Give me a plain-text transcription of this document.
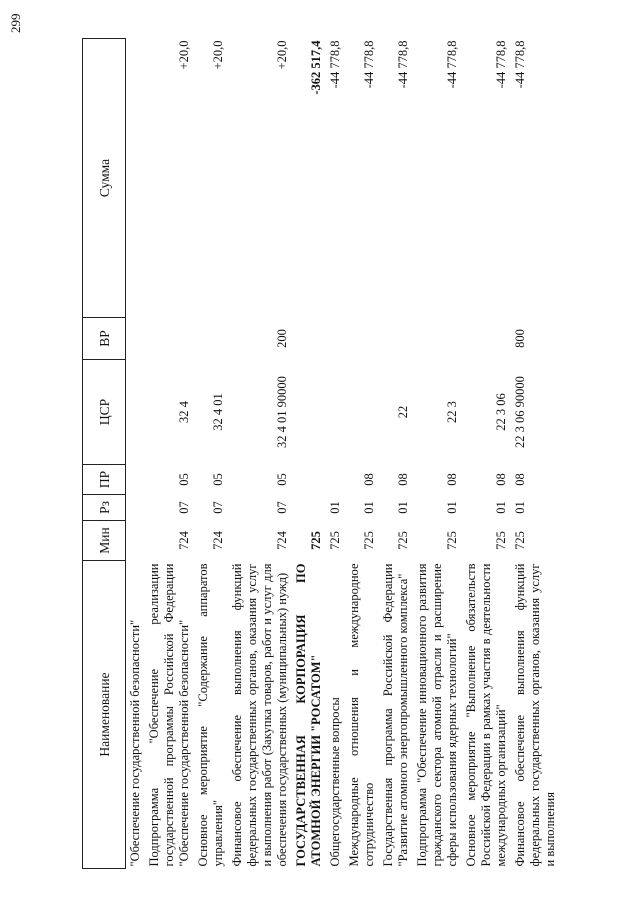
299
Наименование	Мин	Рз	ПР	ЦСР	ВР	Сумма
"Обеспечение государственной безопасности"						
Подпрограмма "Обеспечение реализации государственной программы Российской Федерации "Обеспечение государственной безопасности"	724	07	05	32 4		+20,0
Основное мероприятие "Содержание аппаратов управления"	724	07	05	32 4 01		+20,0
Финансовое обеспечение выполнения функций федеральных государственных органов, оказания услуг и выполнения работ (Закупка товаров, работ и услуг для обеспечения государственных (муниципальных) нужд)	724	07	05	32 4 01 90000	200	+20,0
ГОСУДАРСТВЕННАЯ КОРПОРАЦИЯ ПО АТОМНОЙ ЭНЕРГИИ "РОСАТОМ"	725					-362 517,4
Общегосударственные вопросы	725	01				-44 778,8
Международные отношения и международное сотрудничество	725	01	08			-44 778,8
Государственная программа Российской Федерации "Развитие атомного энергопромышленного комплекса"	725	01	08	22		-44 778,8
Подпрограмма "Обеспечение инновационного развития гражданского сектора атомной отрасли и расширение сферы использования ядерных технологий"	725	01	08	22 3		-44 778,8
Основное мероприятие "Выполнение обязательств Российской Федерации в рамках участия в деятельности международных организаций"	725	01	08	22 3 06		-44 778,8
Финансовое обеспечение выполнения функций федеральных государственных органов, оказания услуг и выполнения	725	01	08	22 3 06 90000	800	-44 778,8
